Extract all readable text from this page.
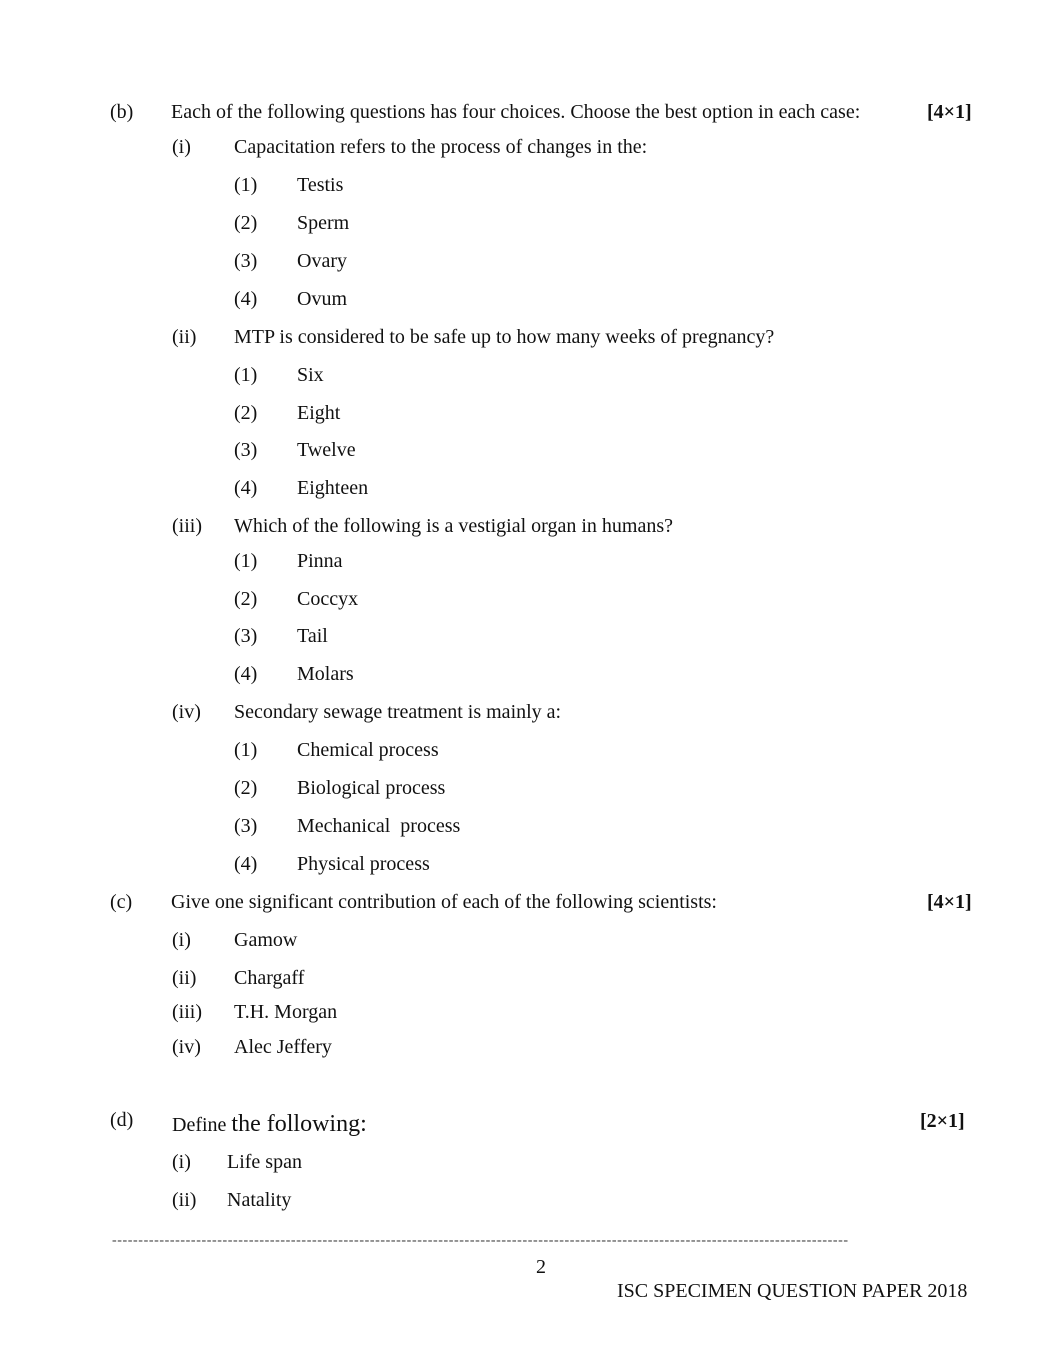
(b) Each of the following questions has four choices. Choose the best option in each case:	[4×1]
(i) Capacitation refers to the process of changes in the:
(1) Testis
(2) Sperm
(3) Ovary
(4) Ovum
(ii) MTP is considered to be safe up to how many weeks of pregnancy?
(1) Six
(2) Eight
(3) Twelve
(4) Eighteen
(iii) Which of the following is a vestigial organ in humans?
(1) Pinna
(2) Coccyx
(3) Tail
(4) Molars
(iv) Secondary sewage treatment is mainly a:
(1) Chemical process
(2) Biological process
(3) Mechanical  process
(4) Physical process
(c) Give one significant contribution of each of the following scientists:	[4×1]
(i) Gamow
(ii) Chargaff
(iii) T.H. Morgan
(iv) Alec Jeffery
(d) Define the following:	[2×1]
(i) Life span
(ii) Natality
--------------------------------------------------------------------------------------------------------------------------------------------
2
ISC SPECIMEN QUESTION PAPER 2018
